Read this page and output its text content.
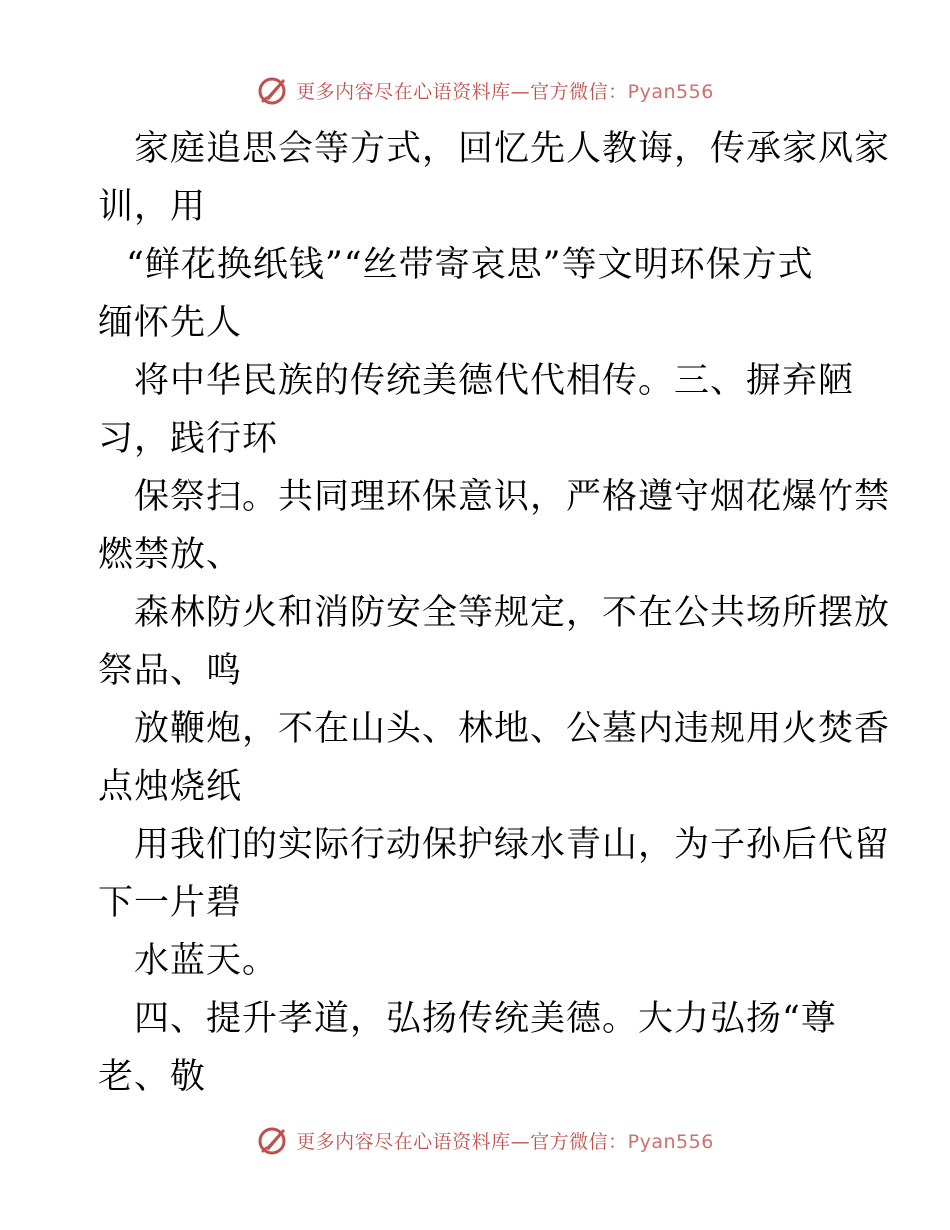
更多内容尽在心语资料库—官方微信：Pyan556
家庭追思会等方式，回忆先人教诲，传承家风家
训，用
“鲜花换纸钱”“丝带寄哀思”等文明环保方式
缅怀先人
将中华民族的传统美德代代相传。三、摒弃陋
习，践行环
保祭扫。共同理环保意识，严格遵守烟花爆竹禁
燃禁放、
森林防火和消防安全等规定，不在公共场所摆放
祭品、鸣
放鞭炮，不在山头、林地、公墓内违规用火焚香
点烛烧纸
用我们的实际行动保护绿水青山，为子孙后代留
下一片碧
水蓝天。
四、提升孝道，弘扬传统美德。大力弘扬“尊
老、敬
更多内容尽在心语资料库—官方微信：Pyan556
